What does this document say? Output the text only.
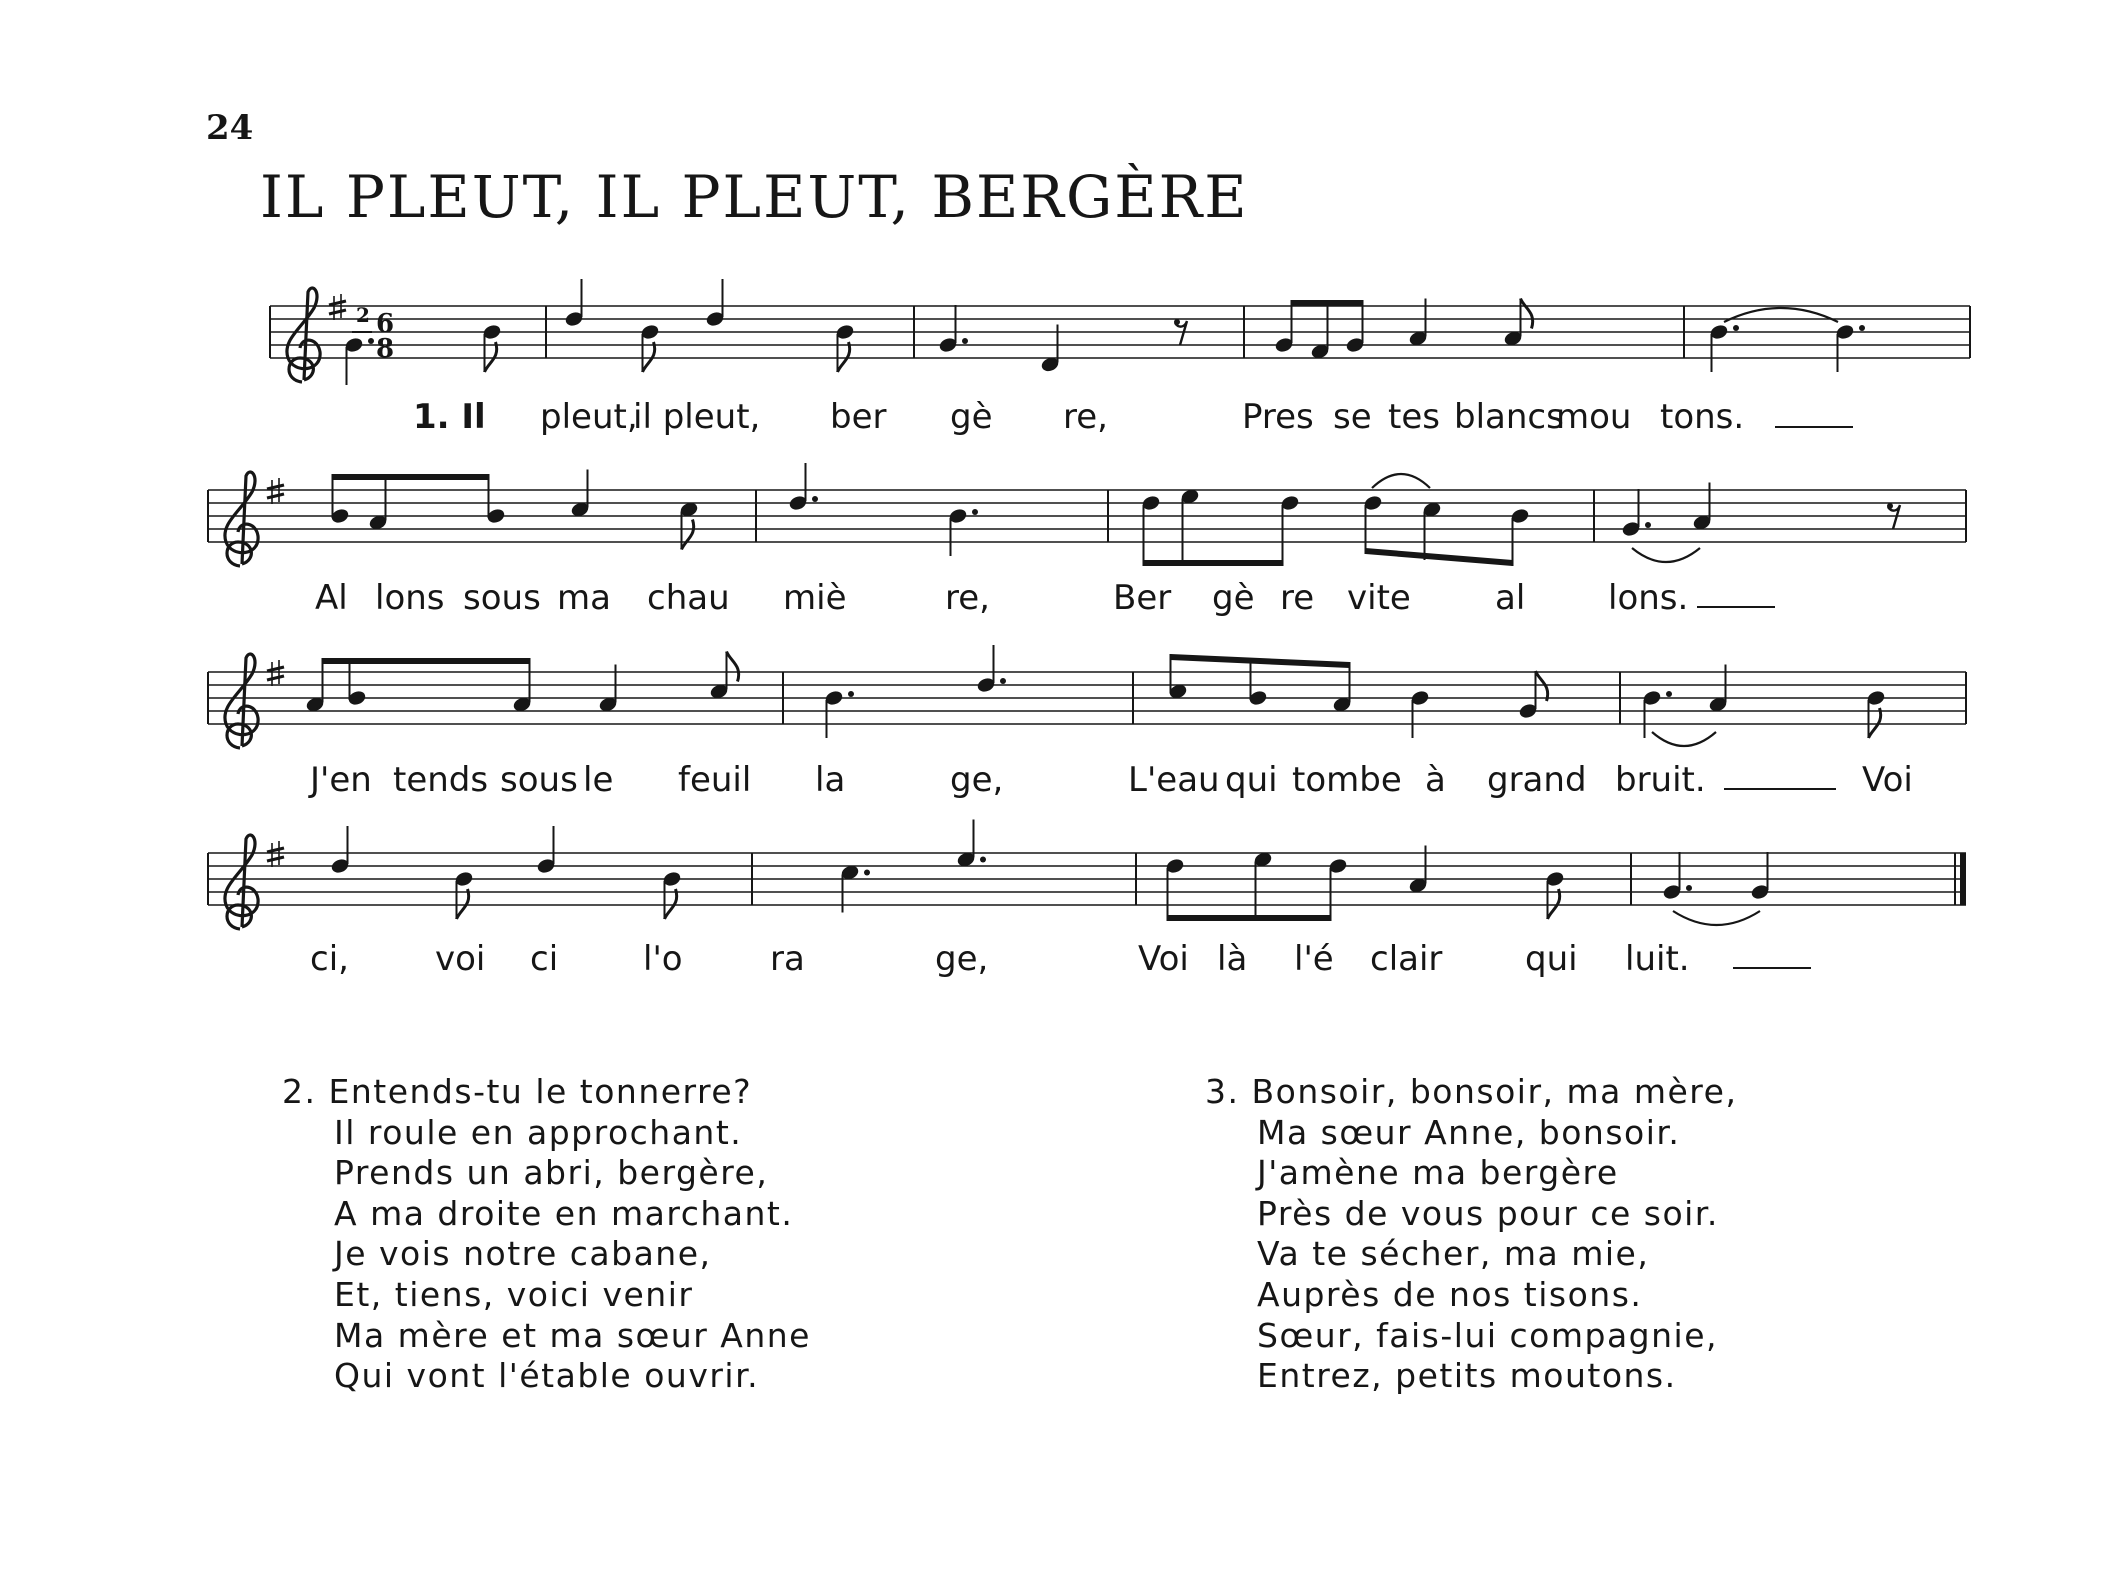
24
IL PLEUT, IL PLEUT, BERGÈRE
2 6
8
1. Il pleut,
il pleut, ber gè re,	Pres se tes blancs
mou tons.
Al lons sous ma chau miè	re,	Ber gè re vite al lons.
J'en tends sous le feuil la	ge,	L'eau qui tombe à grand bruit.	Voi
ci,	voi ci l'o	ra	ge,	Voi là l'é clair qui luit.
2. Entends-tu le tonnerre?
Il roule en approchant.
Prends un abri, bergère,
A ma droite en marchant.
Je vois notre cabane,
Et, tiens, voici venir
Ma mère et ma sœur Anne
Qui vont l'étable ouvrir.
3. Bonsoir, bonsoir, ma mère,
Ma sœur Anne, bonsoir.
J'amène ma bergère
Près de vous pour ce soir.
Va te sécher, ma mie,
Auprès de nos tisons.
Sœur, fais-lui compagnie,
Entrez, petits moutons.
